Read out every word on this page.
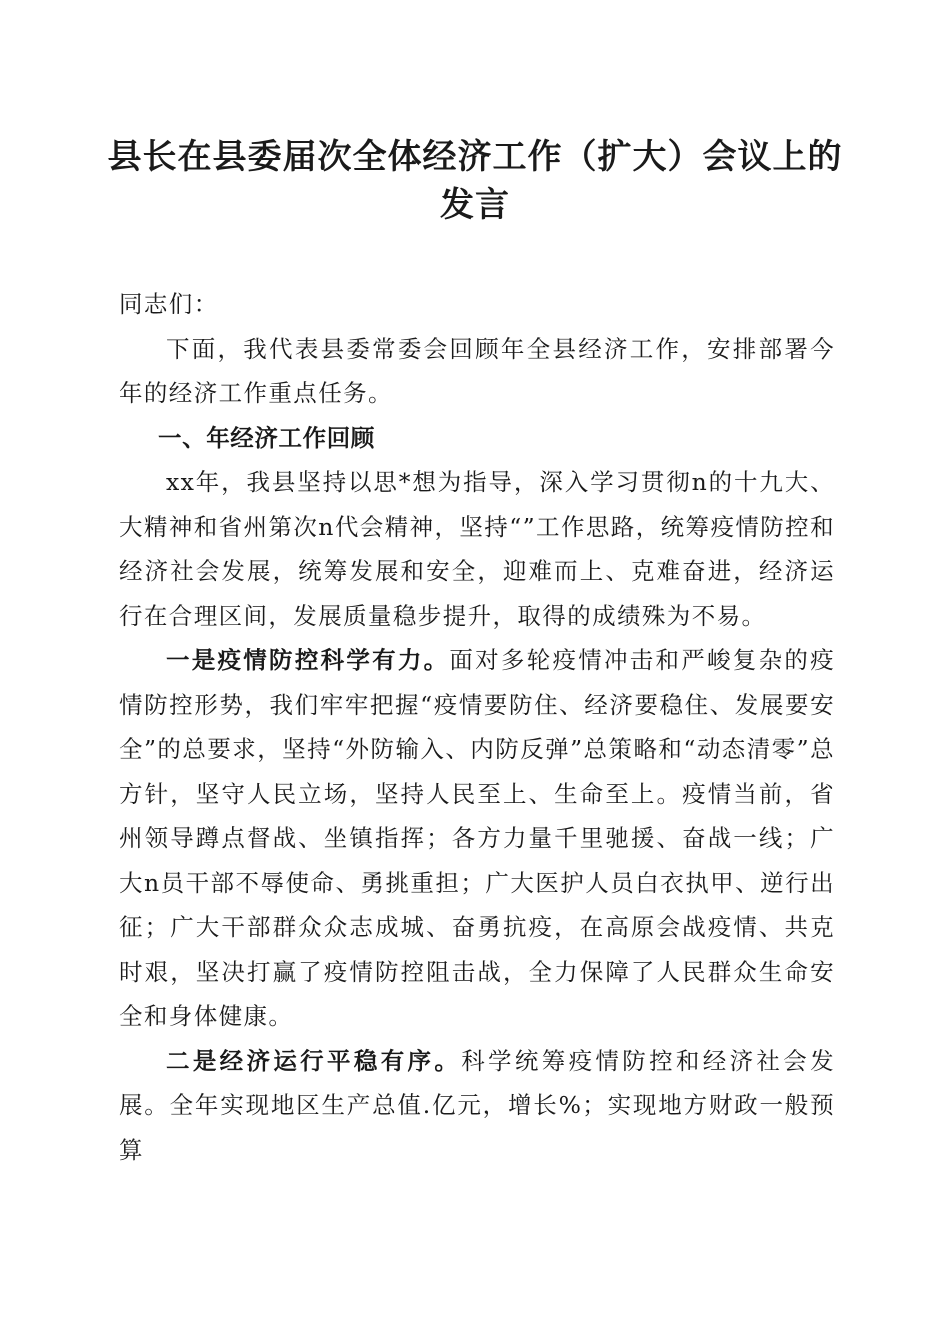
县长在县委届次全体经济工作（扩大）会议上的发言

同志们：

下面，我代表县委常委会回顾年全县经济工作，安排部署今年的经济工作重点任务。

一、年经济工作回顾

xx年，我县坚持以思*想为指导，深入学习贯彻n的十九大、大精神和省州第次n代会精神，坚持“”工作思路，统筹疫情防控和经济社会发展，统筹发展和安全，迎难而上、克难奋进，经济运行在合理区间，发展质量稳步提升，取得的成绩殊为不易。

一是疫情防控科学有力。面对多轮疫情冲击和严峻复杂的疫情防控形势，我们牢牢把握“疫情要防住、经济要稳住、发展要安全”的总要求，坚持“外防输入、内防反弹”总策略和“动态清零”总方针，坚守人民立场，坚持人民至上、生命至上。疫情当前，省州领导蹲点督战、坐镇指挥；各方力量千里驰援、奋战一线；广大n员干部不辱使命、勇挑重担；广大医护人员白衣执甲、逆行出征；广大干部群众众志成城、奋勇抗疫，在高原会战疫情、共克时艰，坚决打赢了疫情防控阻击战，全力保障了人民群众生命安全和身体健康。

二是经济运行平稳有序。科学统筹疫情防控和经济社会发展。全年实现地区生产总值.亿元，增长%；实现地方财政一般预算
